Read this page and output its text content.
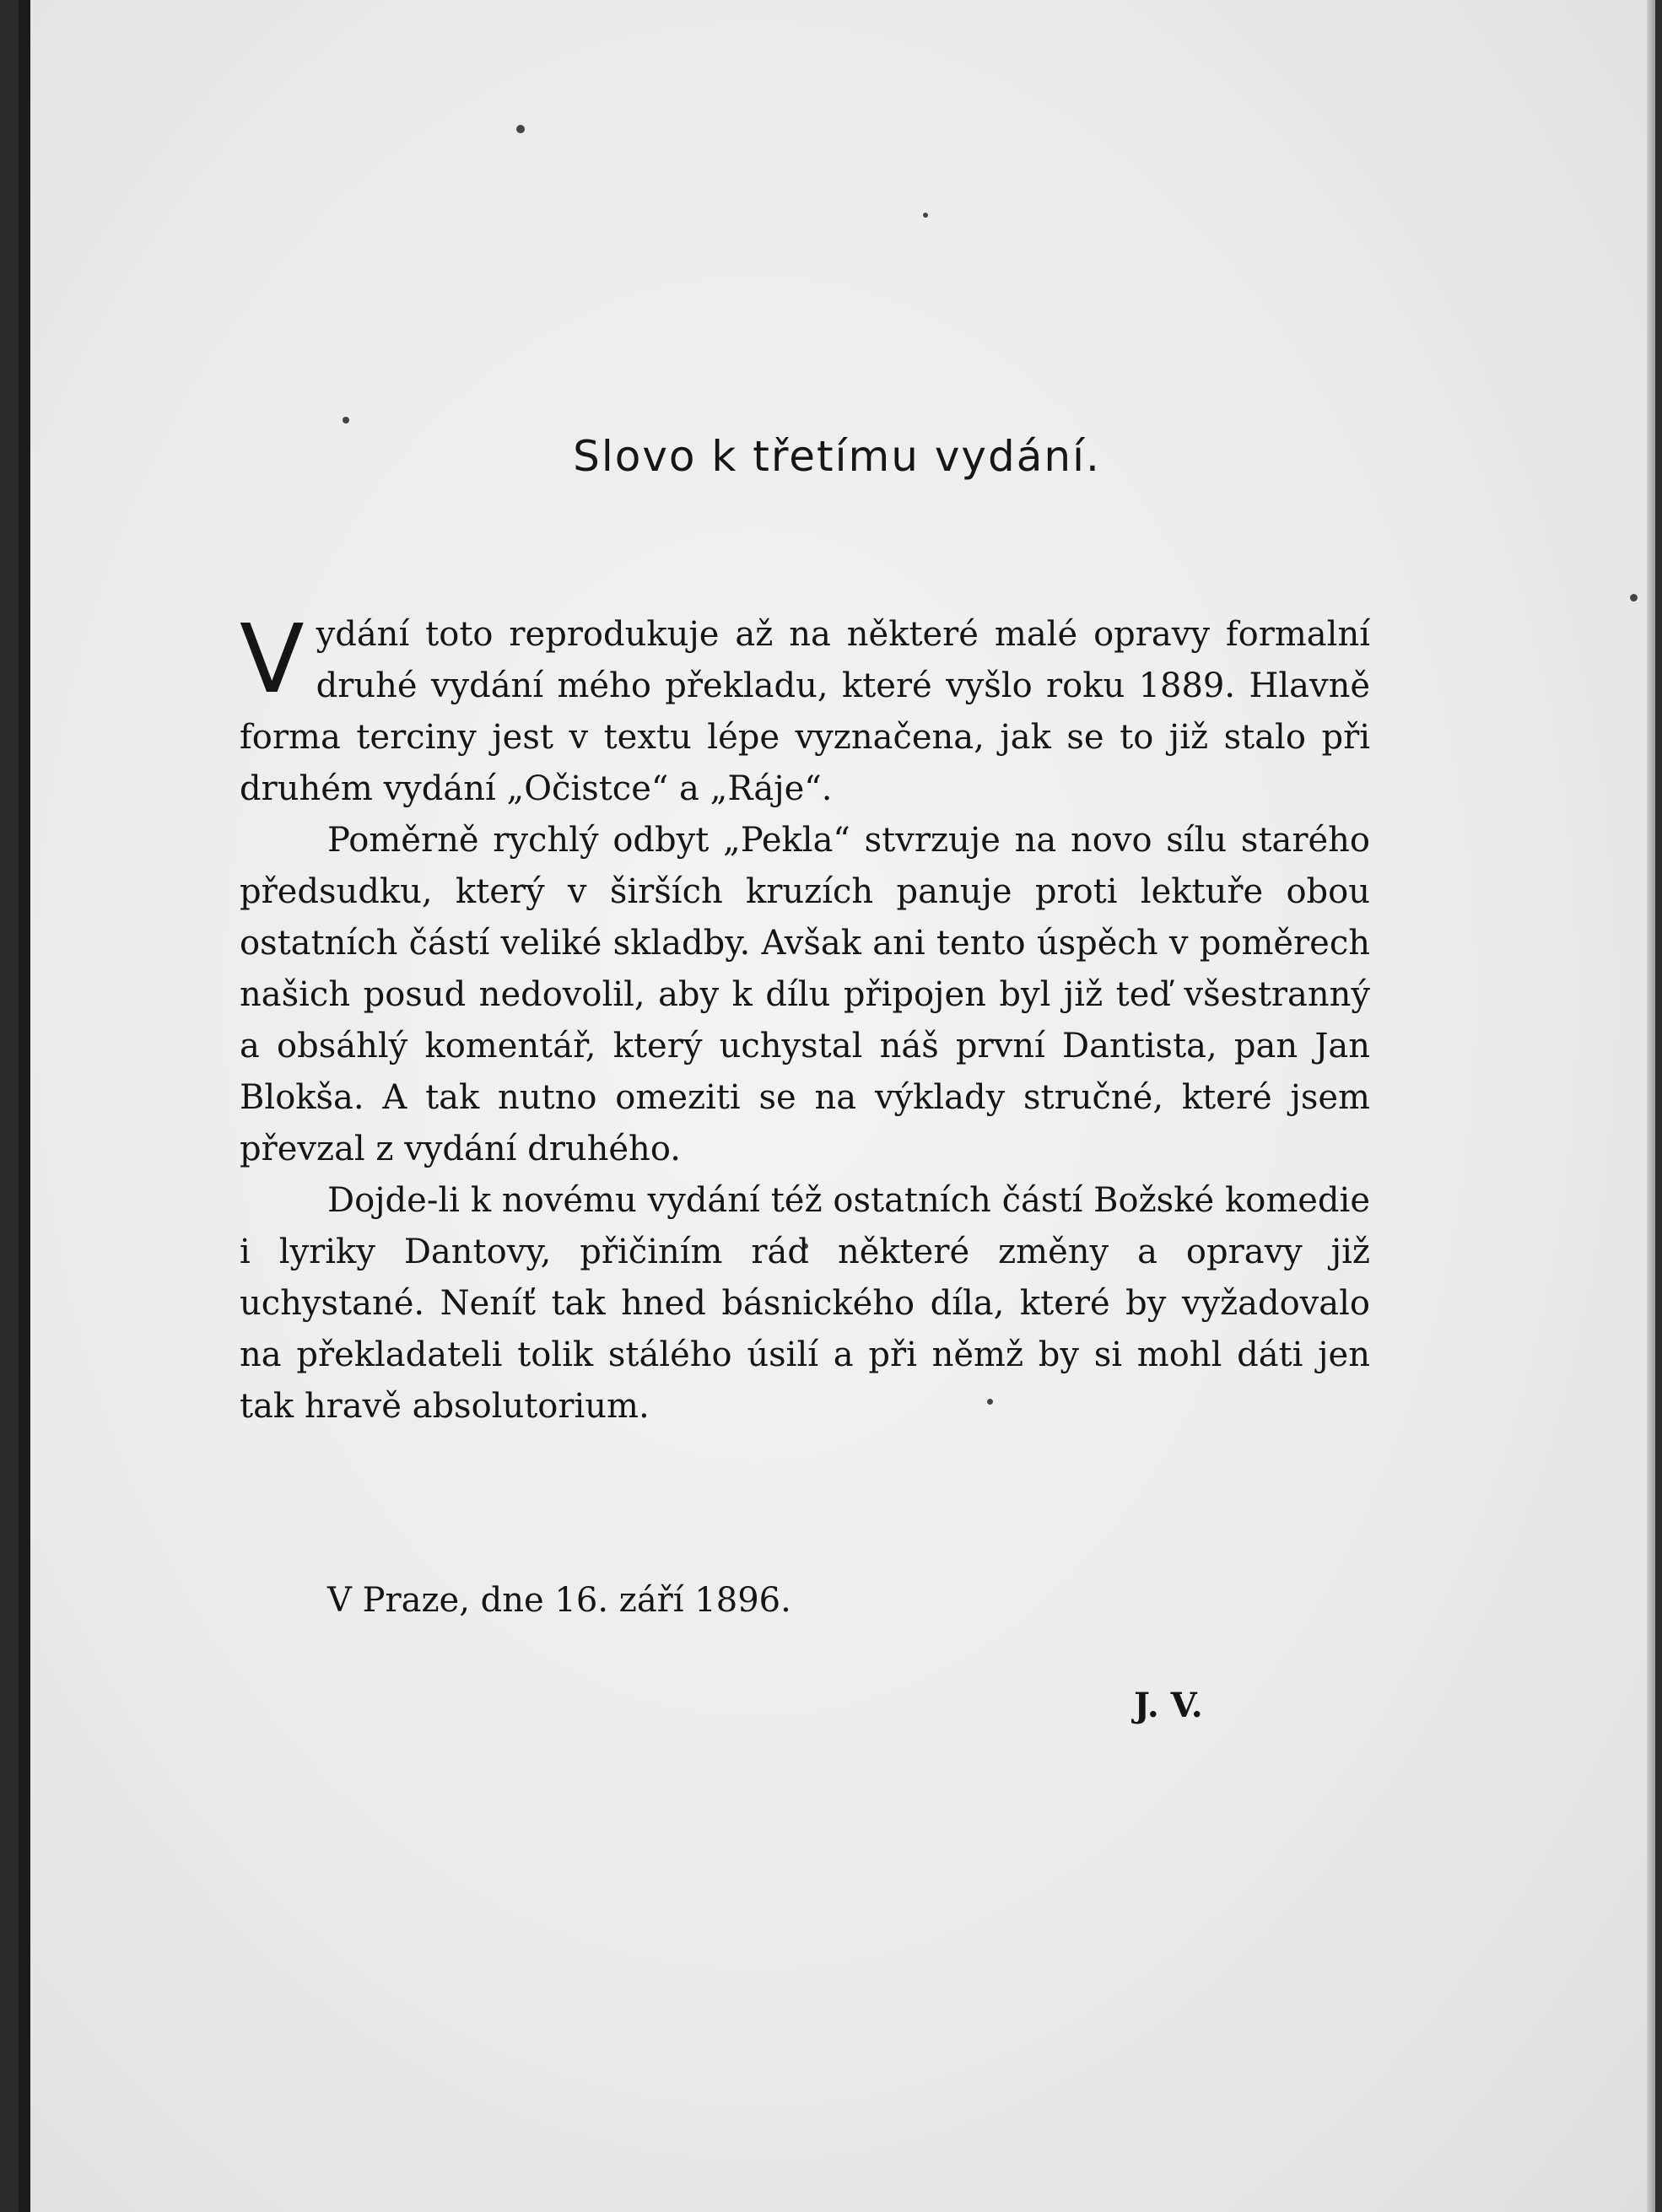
Slovo k třetímu vydání.

V ydání toto reprodukuje až na některé malé opravy formalní druhé vydání mého překladu, které vyšlo roku 1889. Hlavně forma terciny jest v textu lépe vyznačena, jak se to již stalo při druhém vydání „Očistce“ a „Ráje“.

Poměrně rychlý odbyt „Pekla“ stvrzuje na novo sílu starého předsudku, který v širších kruzích panuje proti lektuře obou ostatních částí veliké skladby. Avšak ani tento úspěch v poměrech našich posud nedovolil, aby k dílu připojen byl již teď všestranný a obsáhlý komentář, který uchystal náš první Dantista, pan Jan Blokša. A tak nutno omeziti se na výklady stručné, které jsem převzal z vydání druhého.

Dojde-li k novému vydání též ostatních částí Božské komedie i lyriky Dantovy, přičiním rád některé změny a opravy již uchystané. Neníť tak hned básnického díla, které by vyžadovalo na překladateli tolik stálého úsilí a při němž by si mohl dáti jen tak hravě absolutorium.

V Praze, dne 16. září 1896.

J. V.
